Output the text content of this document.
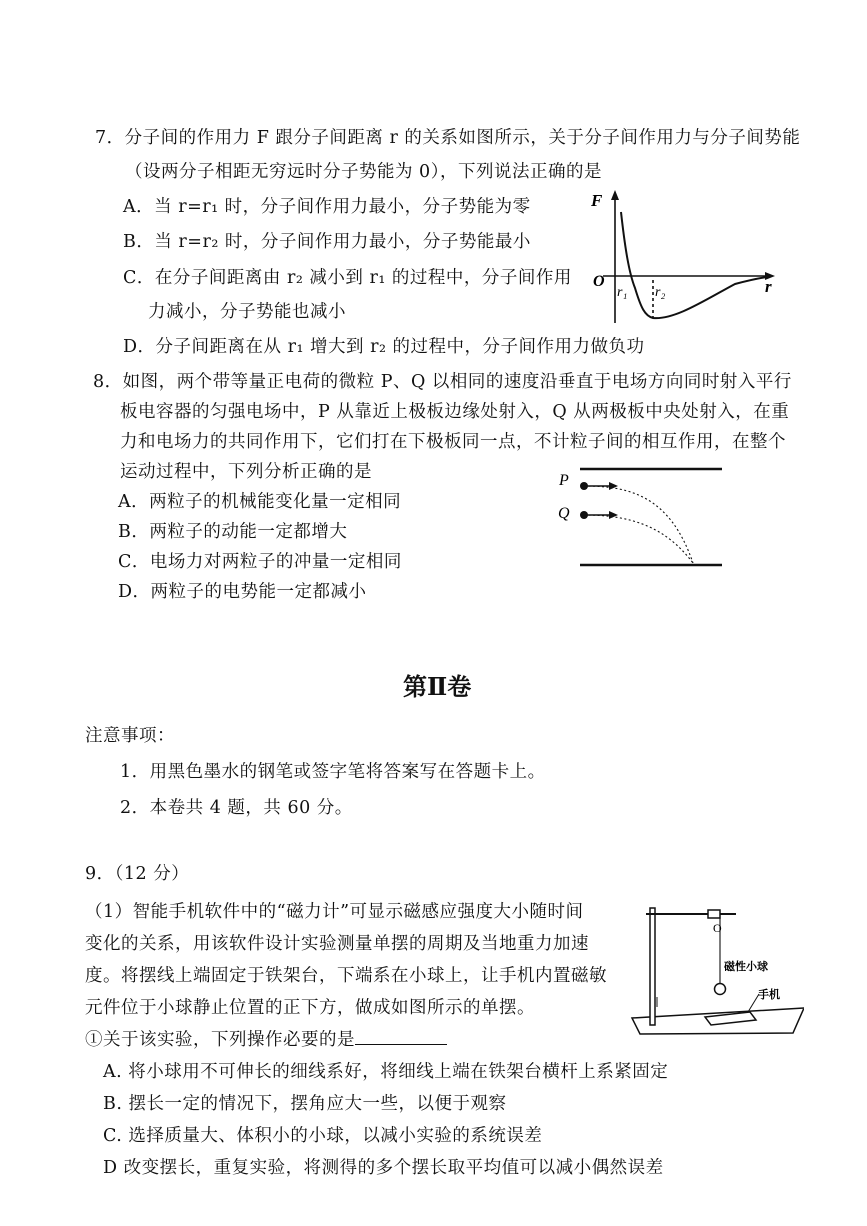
7．分子间的作用力 F 跟分子间距离 r 的关系如图所示，关于分子间作用力与分子间势能
（设两分子相距无穷远时分子势能为 0），下列说法正确的是
A．当 r=r₁ 时，分子间作用力最小，分子势能为零
B．当 r=r₂ 时，分子间作用力最小，分子势能最小
C．在分子间距离由 r₂ 减小到 r₁ 的过程中，分子间作用
力减小，分子势能也减小
D．分子间距离在从 r₁ 增大到 r₂ 的过程中，分子间作用力做负功
F
O	r
r₁ r₂
8．如图，两个带等量正电荷的微粒 P、Q 以相同的速度沿垂直于电场方向同时射入平行
板电容器的匀强电场中，P 从靠近上极板边缘处射入，Q 从两极板中央处射入，在重
力和电场力的共同作用下，它们打在下极板同一点，不计粒子间的相互作用，在整个
运动过程中，下列分析正确的是
A．两粒子的机械能变化量一定相同
B．两粒子的动能一定都增大
C．电场力对两粒子的冲量一定相同
D．两粒子的电势能一定都减小
P
Q
第Ⅱ卷
注意事项：
1．用黑色墨水的钢笔或签字笔将答案写在答题卡上。
2．本卷共 4 题，共 60 分。
9．（12 分）
（1）智能手机软件中的“磁力计”可显示磁感应强度大小随时间
变化的关系，用该软件设计实验测量单摆的周期及当地重力加速
度。将摆线上端固定于铁架台，下端系在小球上，让手机内置磁敏
元件位于小球静止位置的正下方，做成如图所示的单摆。
①关于该实验，下列操作必要的是
A. 将小球用不可伸长的细线系好，将细线上端在铁架台横杆上系紧固定
B. 摆长一定的情况下，摆角应大一些，以便于观察
C. 选择质量大、体积小的小球，以减小实验的系统误差
D 改变摆长，重复实验，将测得的多个摆长取平均值可以减小偶然误差
O
磁性小球
手机
